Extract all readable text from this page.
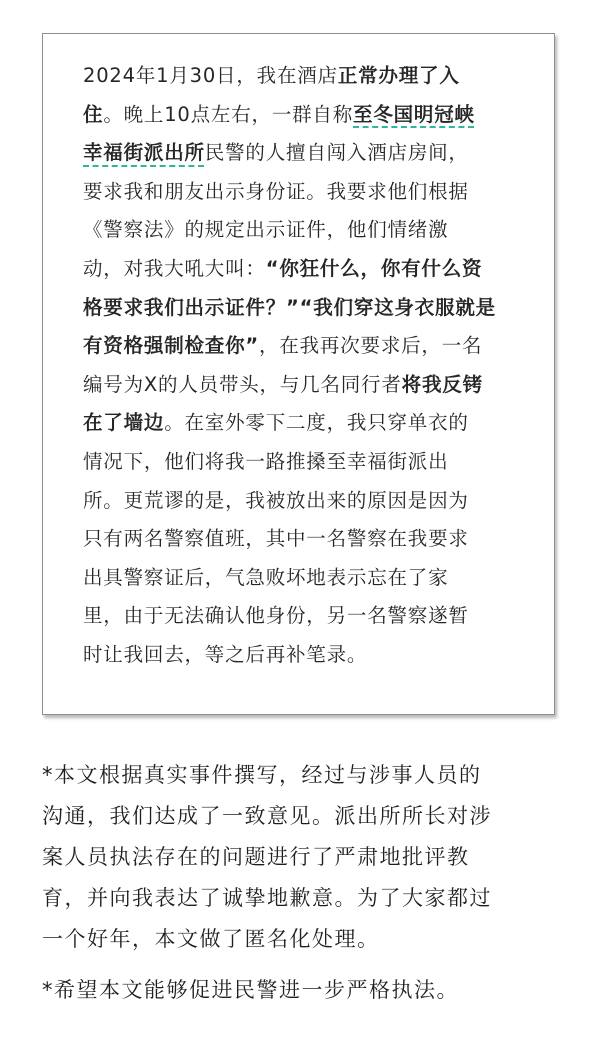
2024年1月30日，我在酒店正常办理了入
住。晚上10点左右，一群自称至冬国明冠峡
幸福街派出所民警的人擅自闯入酒店房间，
要求我和朋友出示身份证。我要求他们根据
《警察法》的规定出示证件，他们情绪激
动，对我大吼大叫：“你狂什么，你有什么资
格要求我们出示证件？”“我们穿这身衣服就是
有资格强制检查你”，在我再次要求后，一名
编号为X的人员带头，与几名同行者将我反铐
在了墙边。在室外零下二度，我只穿单衣的
情况下，他们将我一路推搡至幸福街派出
所。更荒谬的是，我被放出来的原因是因为
只有两名警察值班，其中一名警察在我要求
出具警察证后，气急败坏地表示忘在了家
里，由于无法确认他身份，另一名警察遂暂
时让我回去，等之后再补笔录。
*本文根据真实事件撰写，经过与涉事人员的
沟通，我们达成了一致意见。派出所所长对涉
案人员执法存在的问题进行了严肃地批评教
育，并向我表达了诚挚地歉意。为了大家都过
一个好年，本文做了匿名化处理。
*希望本文能够促进民警进一步严格执法。
